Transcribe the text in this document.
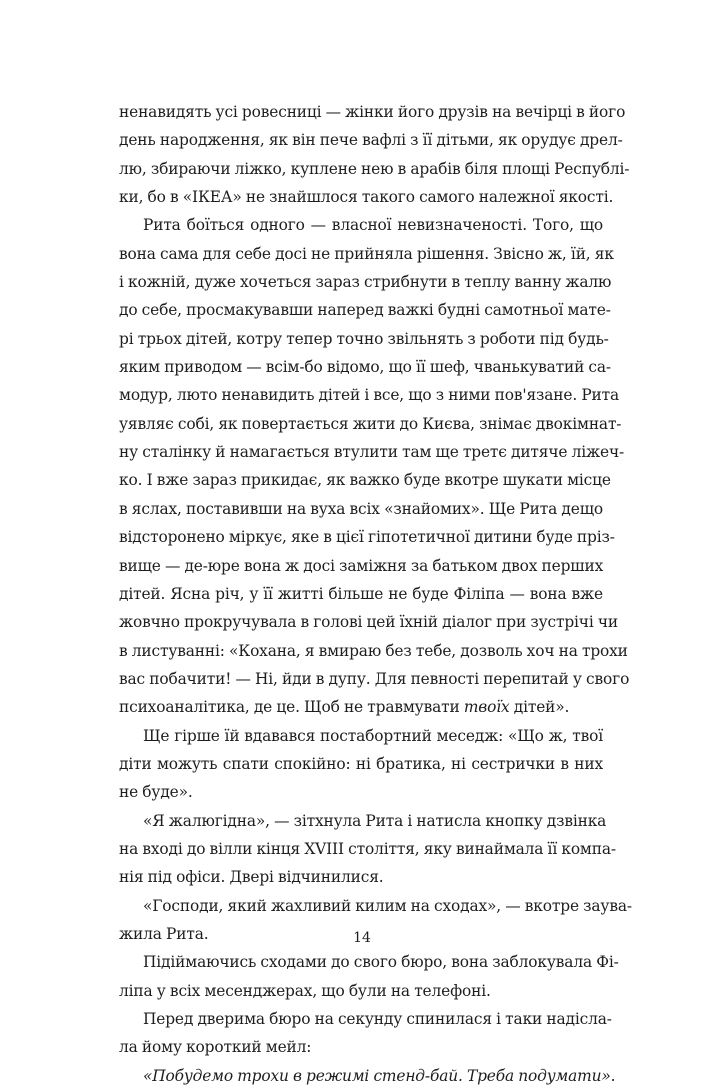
ненавидять усі ровесниці — жінки його друзів на вечірці в його
день народження, як він пече вафлі з її дітьми, як орудує дрел-
лю, збираючи ліжко, куплене нею в арабів біля площі Республі-
ки, бо в «ІКЕА» не знайшлося такого самого належної якості.
Рита боїться одного — власної невизначеності. Того, що
вона сама для себе досі не прийняла рішення. Звісно ж, їй, як
і кожній, дуже хочеться зараз стрибнути в теплу ванну жалю
до себе, просмакувавши наперед важкі будні самотньої мате-
рі трьох дітей, котру тепер точно звільнять з роботи під будь-
яким приводом — всім-бо відомо, що її шеф, чванькуватий са-
модур, люто ненавидить дітей і все, що з ними пов'язане. Рита
уявляє собі, як повертається жити до Києва, знімає двокімнат-
ну сталінку й намагається втулити там ще третє дитяче ліжеч-
ко. І вже зараз прикидає, як важко буде вкотре шукати місце
в яслах, поставивши на вуха всіх «знайомих». Ще Рита дещо
відсторонено міркує, яке в цієї гіпотетичної дитини буде пріз-
вище — де-юре вона ж досі заміжня за батьком двох перших
дітей. Ясна річ, у її житті більше не буде Філіпа — вона вже
жовчно прокручувала в голові цей їхній діалог при зустрічі чи
в листуванні: «Кохана, я вмираю без тебе, дозволь хоч на трохи
вас побачити! — Ні, йди в дупу. Для певності перепитай у свого
психоаналітика, де це. Щоб не травмувати твоїх дітей».
Ще гірше їй вдавався постабортний меседж: «Що ж, твої
діти можуть спати спокійно: ні братика, ні сестрички в них
не буде».
«Я жалюгідна», — зітхнула Рита і натисла кнопку дзвінка
на вході до вілли кінця XVIII століття, яку винаймала її компа-
нія під офіси. Двері відчинилися.
«Господи, який жахливий килим на сходах», — вкотре заува-
жила Рита.
Підіймаючись сходами до свого бюро, вона заблокувала Фі-
ліпа у всіх месенджерах, що були на телефоні.
Перед дверима бюро на секунду спинилася і таки надісла-
ла йому короткий мейл:
«Побудемо трохи в режимі стенд-бай. Треба подумати».
14
